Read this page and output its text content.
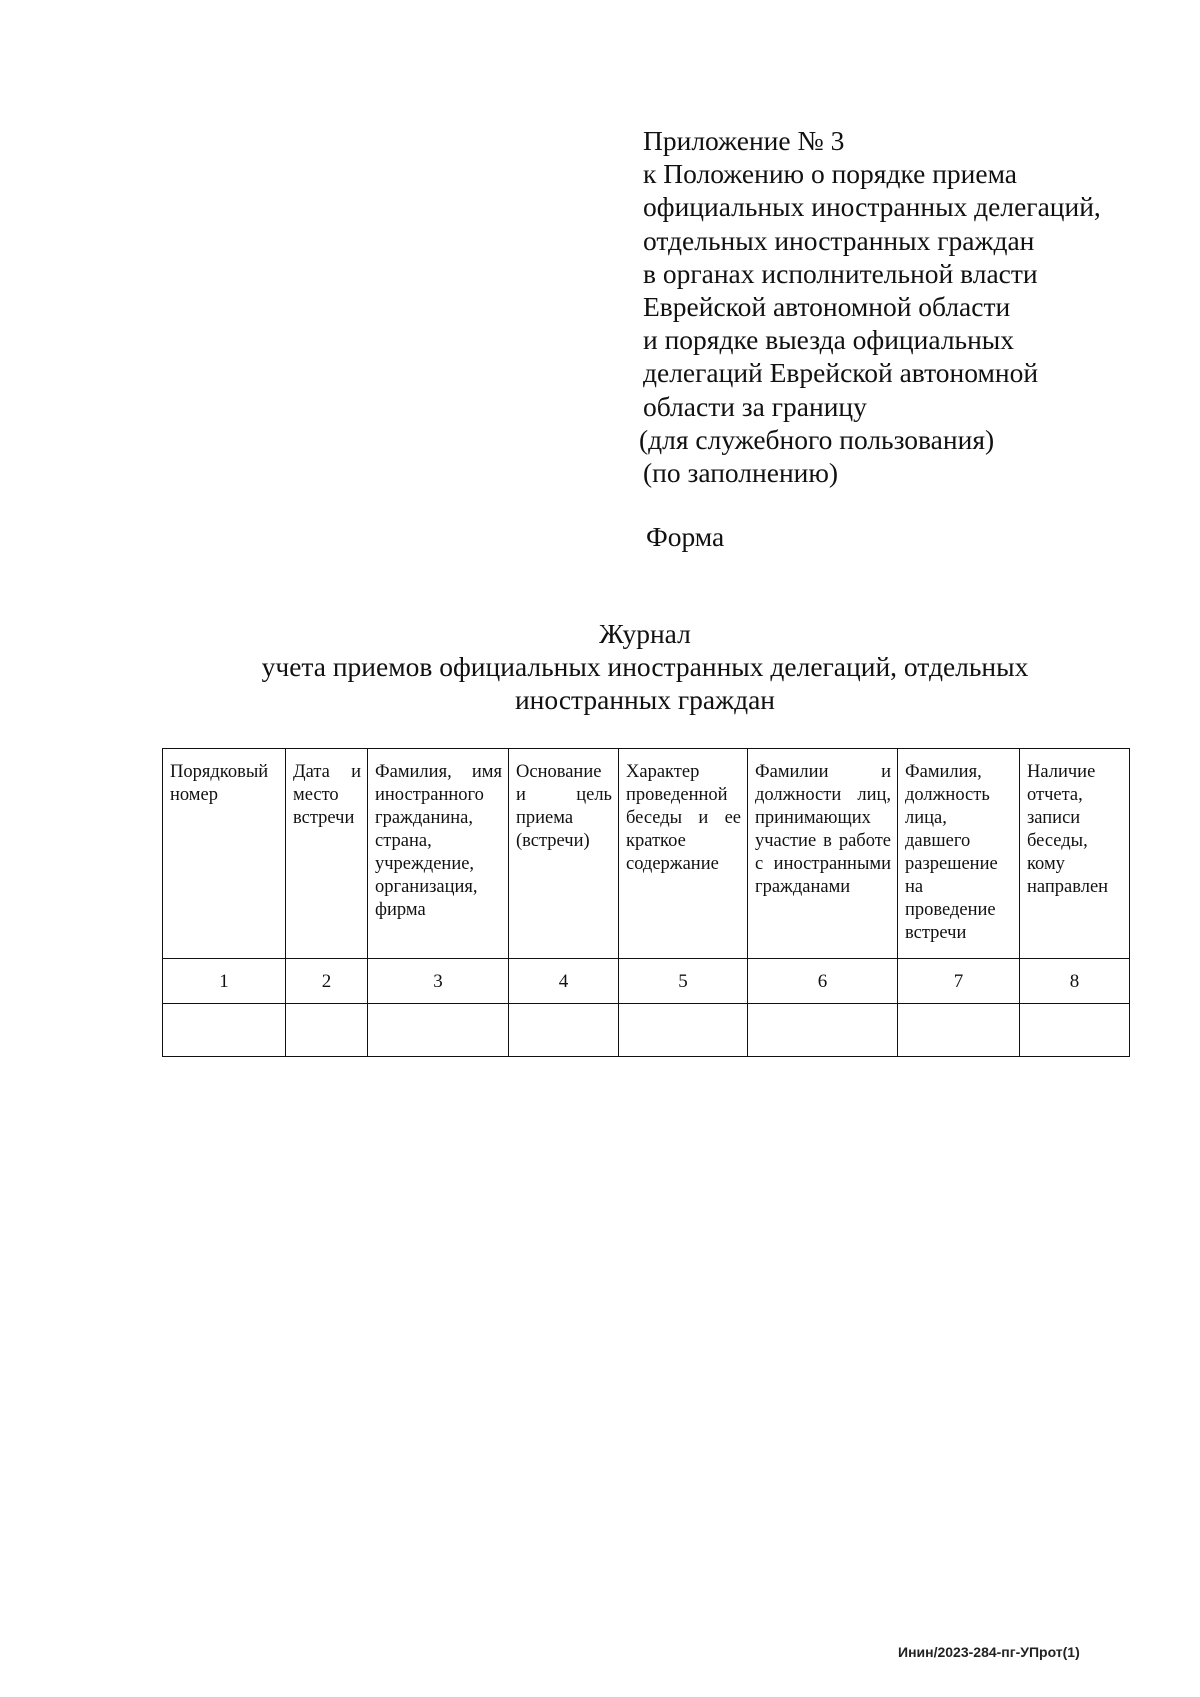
Приложение № 3
к Положению о порядке приема
официальных иностранных делегаций,
отдельных иностранных граждан
в органах исполнительной власти
Еврейской автономной области
и порядке выезда официальных
делегаций Еврейской автономной
области за границу
(для служебного пользования)
(по заполнению)
Форма
Журнал
учета приемов официальных иностранных делегаций, отдельных
иностранных граждан
Порядковый номер	Дата и место встречи	Фамилия, имя иностранного гражданина, страна, учреждение, организация, фирма	Основание и цель приема (встречи)	Характер проведенной беседы и ее краткое содержание	Фамилии и должности лиц, принимающих участие в работе с иностранными гражданами	Фамилия, должность лица, давшего разрешение на проведение встречи	Наличие отчета, записи беседы, кому направлен

1	2	3	4	5	6	7	8

Инин/2023-284-пг-УПрот(1)
